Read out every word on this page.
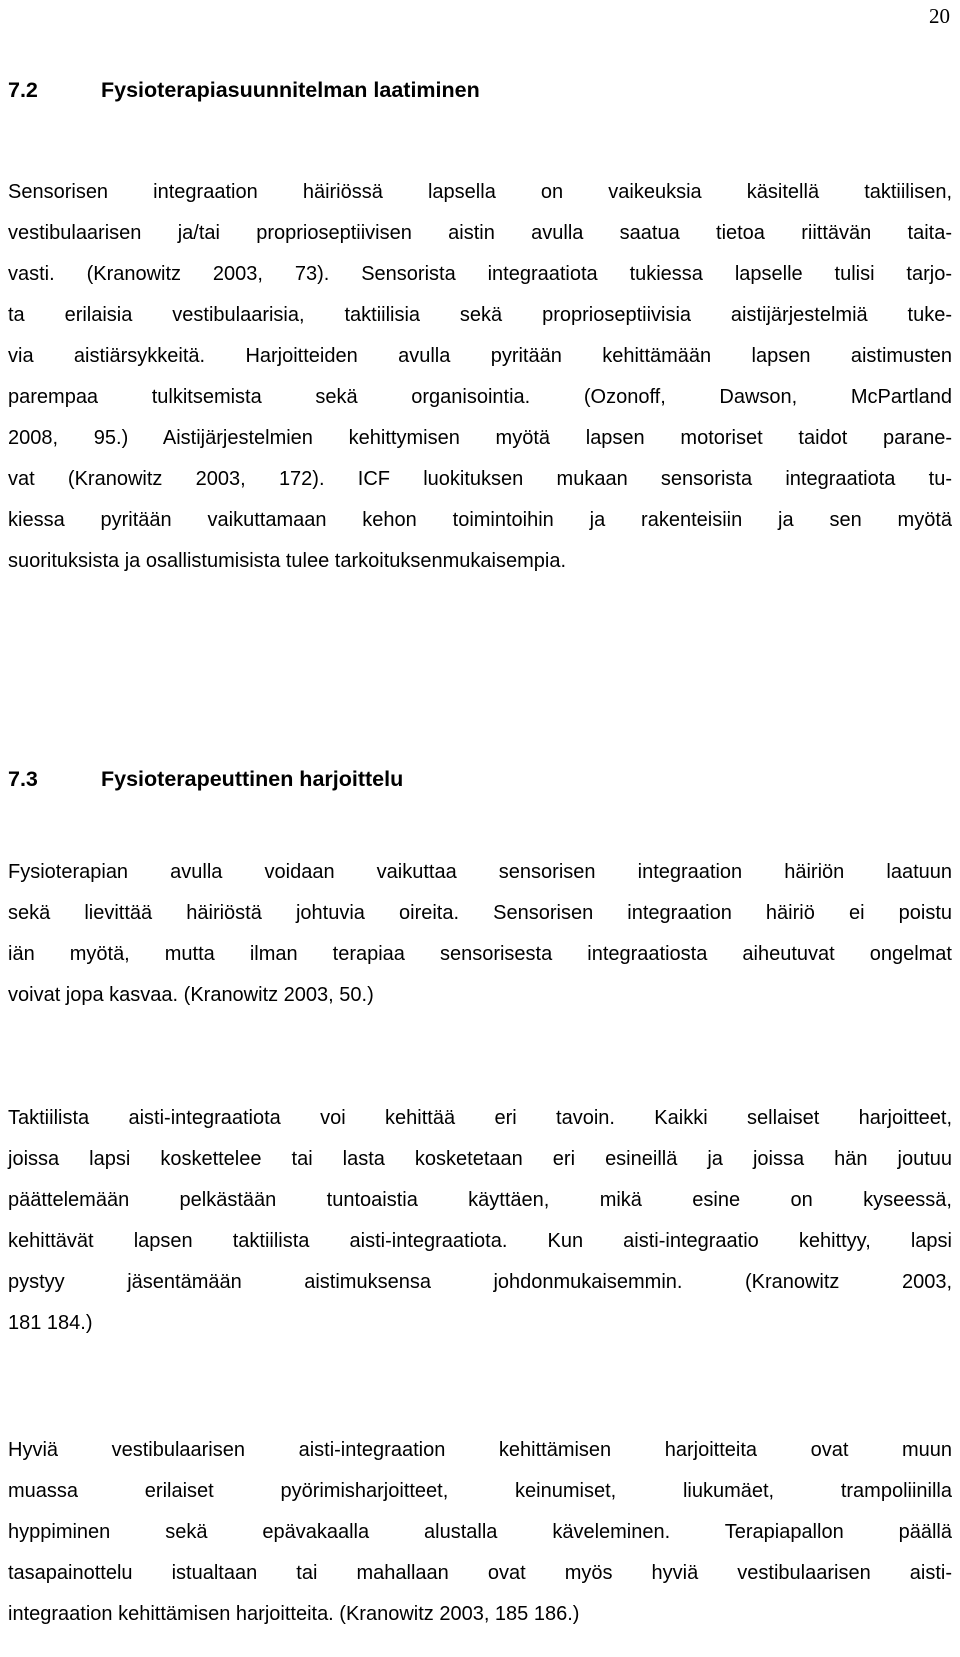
20
7.2	Fysioterapiasuunnitelman laatiminen
Sensorisen integraation häiriössä lapsella on vaikeuksia käsitellä taktiilisen,
vestibulaarisen ja/tai proprioseptiivisen aistin avulla saatua tietoa riittävän taita-
vasti. (Kranowitz 2003, 73). Sensorista integraatiota tukiessa lapselle tulisi tarjo-
ta erilaisia vestibulaarisia, taktiilisia sekä proprioseptiivisia aistijärjestelmiä tuke-
via aistiärsykkeitä. Harjoitteiden avulla pyritään kehittämään lapsen aistimusten
parempaa tulkitsemista sekä organisointia. (Ozonoff, Dawson, McPartland
2008, 95.) Aistijärjestelmien kehittymisen myötä lapsen motoriset taidot parane-
vat (Kranowitz 2003, 172). ICF luokituksen mukaan sensorista integraatiota tu-
kiessa pyritään vaikuttamaan kehon toimintoihin ja rakenteisiin ja sen myötä
suorituksista ja osallistumisista tulee tarkoituksenmukaisempia.
7.3	Fysioterapeuttinen harjoittelu
Fysioterapian avulla voidaan vaikuttaa sensorisen integraation häiriön laatuun
sekä lievittää häiriöstä johtuvia oireita. Sensorisen integraation häiriö ei poistu
iän myötä, mutta ilman terapiaa sensorisesta integraatiosta aiheutuvat ongelmat
voivat jopa kasvaa. (Kranowitz 2003, 50.)
Taktiilista aisti-integraatiota voi kehittää eri tavoin. Kaikki sellaiset harjoitteet,
joissa lapsi koskettelee tai lasta kosketetaan eri esineillä ja joissa hän joutuu
päättelemään pelkästään tuntoaistia käyttäen, mikä esine on kyseessä,
kehittävät lapsen taktiilista aisti-integraatiota. Kun aisti-integraatio kehittyy, lapsi
pystyy jäsentämään aistimuksensa johdonmukaisemmin. (Kranowitz 2003,
181 184.)
Hyviä vestibulaarisen aisti-integraation kehittämisen harjoitteita ovat muun
muassa erilaiset pyörimisharjoitteet, keinumiset, liukumäet, trampoliinilla
hyppiminen sekä epävakaalla alustalla käveleminen. Terapiapallon päällä
tasapainottelu istualtaan tai mahallaan ovat myös hyviä vestibulaarisen aisti-
integraation kehittämisen harjoitteita. (Kranowitz 2003, 185 186.)
